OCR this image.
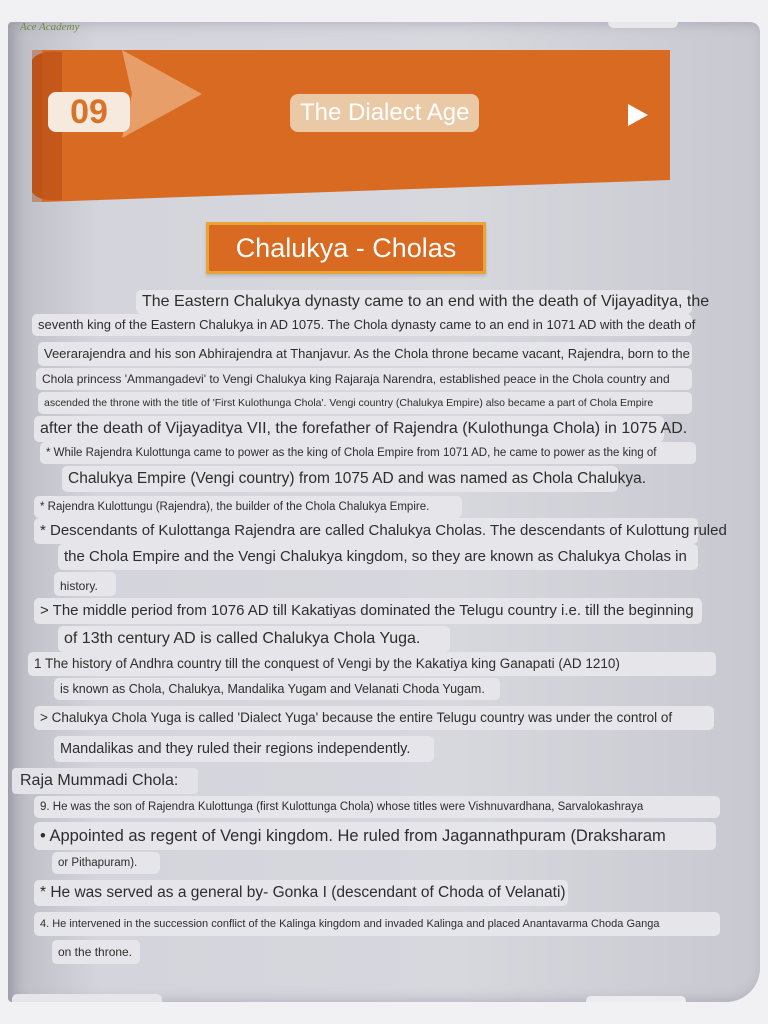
Ace Academy
09	The Dialect Age
Chalukya - Cholas
The Eastern Chalukya dynasty came to an end with the death of Vijayaditya, the
seventh king of the Eastern Chalukya in AD 1075. The Chola dynasty came to an end in 1071 AD with the death of
Veerarajendra and his son Abhirajendra at Thanjavur. As the Chola throne became vacant, Rajendra, born to the
Chola princess 'Ammangadevi' to Vengi Chalukya king Rajaraja Narendra, established peace in the Chola country and
ascended the throne with the title of 'First Kulothunga Chola'. Vengi country (Chalukya Empire) also became a part of Chola Empire
after the death of Vijayaditya VII, the forefather of Rajendra (Kulothunga Chola) in 1075 AD.
* While Rajendra Kulottunga came to power as the king of Chola Empire from 1071 AD, he came to power as the king of
Chalukya Empire (Vengi country) from 1075 AD and was named as Chola Chalukya.
* Rajendra Kulottungu (Rajendra), the builder of the Chola Chalukya Empire.
* Descendants of Kulottanga Rajendra are called Chalukya Cholas. The descendants of Kulottung ruled
the Chola Empire and the Vengi Chalukya kingdom, so they are known as Chalukya Cholas in
history.
> The middle period from 1076 AD till Kakatiyas dominated the Telugu country i.e. till the beginning
of 13th century AD is called Chalukya Chola Yuga.
1 The history of Andhra country till the conquest of Vengi by the Kakatiya king Ganapati (AD 1210)
is known as Chola, Chalukya, Mandalika Yugam and Velanati Choda Yugam.
> Chalukya Chola Yuga is called 'Dialect Yuga' because the entire Telugu country was under the control of
Mandalikas and they ruled their regions independently.
Raja Mummadi Chola:
9. He was the son of Rajendra Kulottunga (first Kulottunga Chola) whose titles were Vishnuvardhana, Sarvalokashraya
• Appointed as regent of Vengi kingdom. He ruled from Jagannathpuram (Draksharam
or Pithapuram).
* He was served as a general by- Gonka I (descendant of Choda of Velanati)
4. He intervened in the succession conflict of the Kalinga kingdom and invaded Kalinga and placed Anantavarma Choda Ganga
on the throne.
